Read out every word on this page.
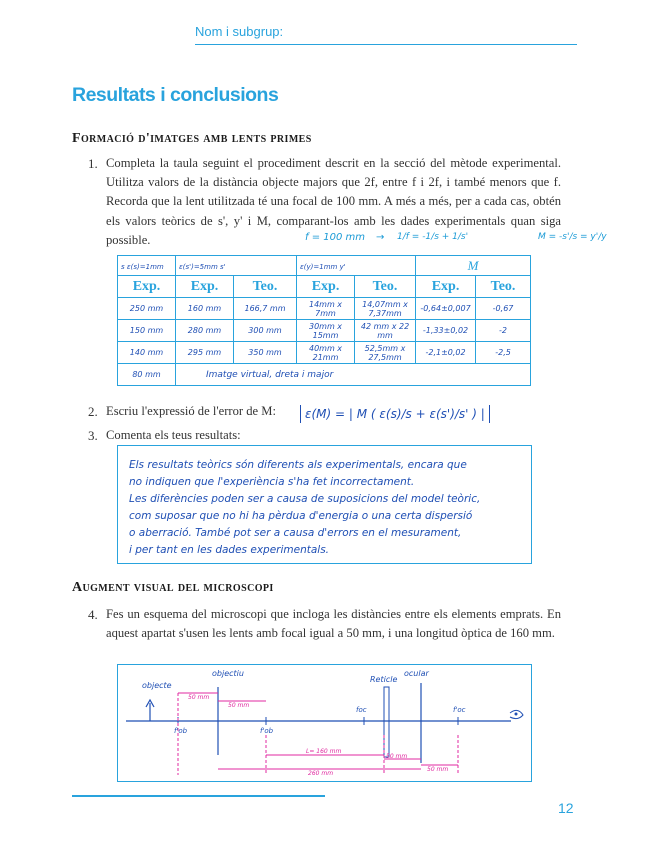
Nom i subgrup:
Resultats i conclusions
Formació d'imatges amb lents primes
1. Completa la taula seguint el procediment descrit en la secció del mètode experimental. Utilitza valors de la distància objecte majors que 2f, entre f i 2f, i també menors que f. Recorda que la lent utilitzada té una focal de 100 mm. A més a més, per a cada cas, obtén els valors teòrics de s', y' i M, comparant-los amb les dades experimentals quan siga possible.	f = 100 mm → 1/f = -1/s + 1/s'	M = -s'/s = y'/y
s ε(s)=1mm	ε(s')=5mm s'		ε(y)=1mm y'		M	
Exp.	Exp.	Teo.	Exp.	Teo.	Exp.	Teo.
250 mm	160 mm	166,7 mm	14mm x 7mm	14,07mm x 7,37mm	-0,64±0,007	-0,67
150 mm	280 mm	300 mm	30mm x 15mm	42 mm x 22 mm	-1,33±0,02	-2
140 mm	295 mm	350 mm	40mm x 21mm	52,5mm x 27,5mm	-2,1±0,02	-2,5
80 mm	Imatge virtual, dreta i major					
2. Escriu l'expressió de l'error de M:	ε(M) = | M ( ε(s)/s + ε(s')/s' ) |
3. Comenta els teus resultats:
Els resultats teòrics són diferents als experimentals, encara que
no indiquen que l'experiència s'ha fet incorrectament.
Les diferències poden ser a causa de suposicions del model teòric,
com suposar que no hi ha pèrdua d'energia o una certa dispersió
o aberració. També pot ser a causa d'errors en el mesurament,
i per tant en les dades experimentals.
Augment visual del microscopi
4. Fes un esquema del microscopi que incloga les distàncies entre els elements emprats. En aquest apartat s'usen les lents amb focal igual a 50 mm, i una longitud òptica de 160 mm.
objecte
objectiu
Reticle
ocular
f'ob	f'ob
foc	f'oc
50 mm
50 mm
L= 160 mm
50 mm
50 mm
260 mm
12
